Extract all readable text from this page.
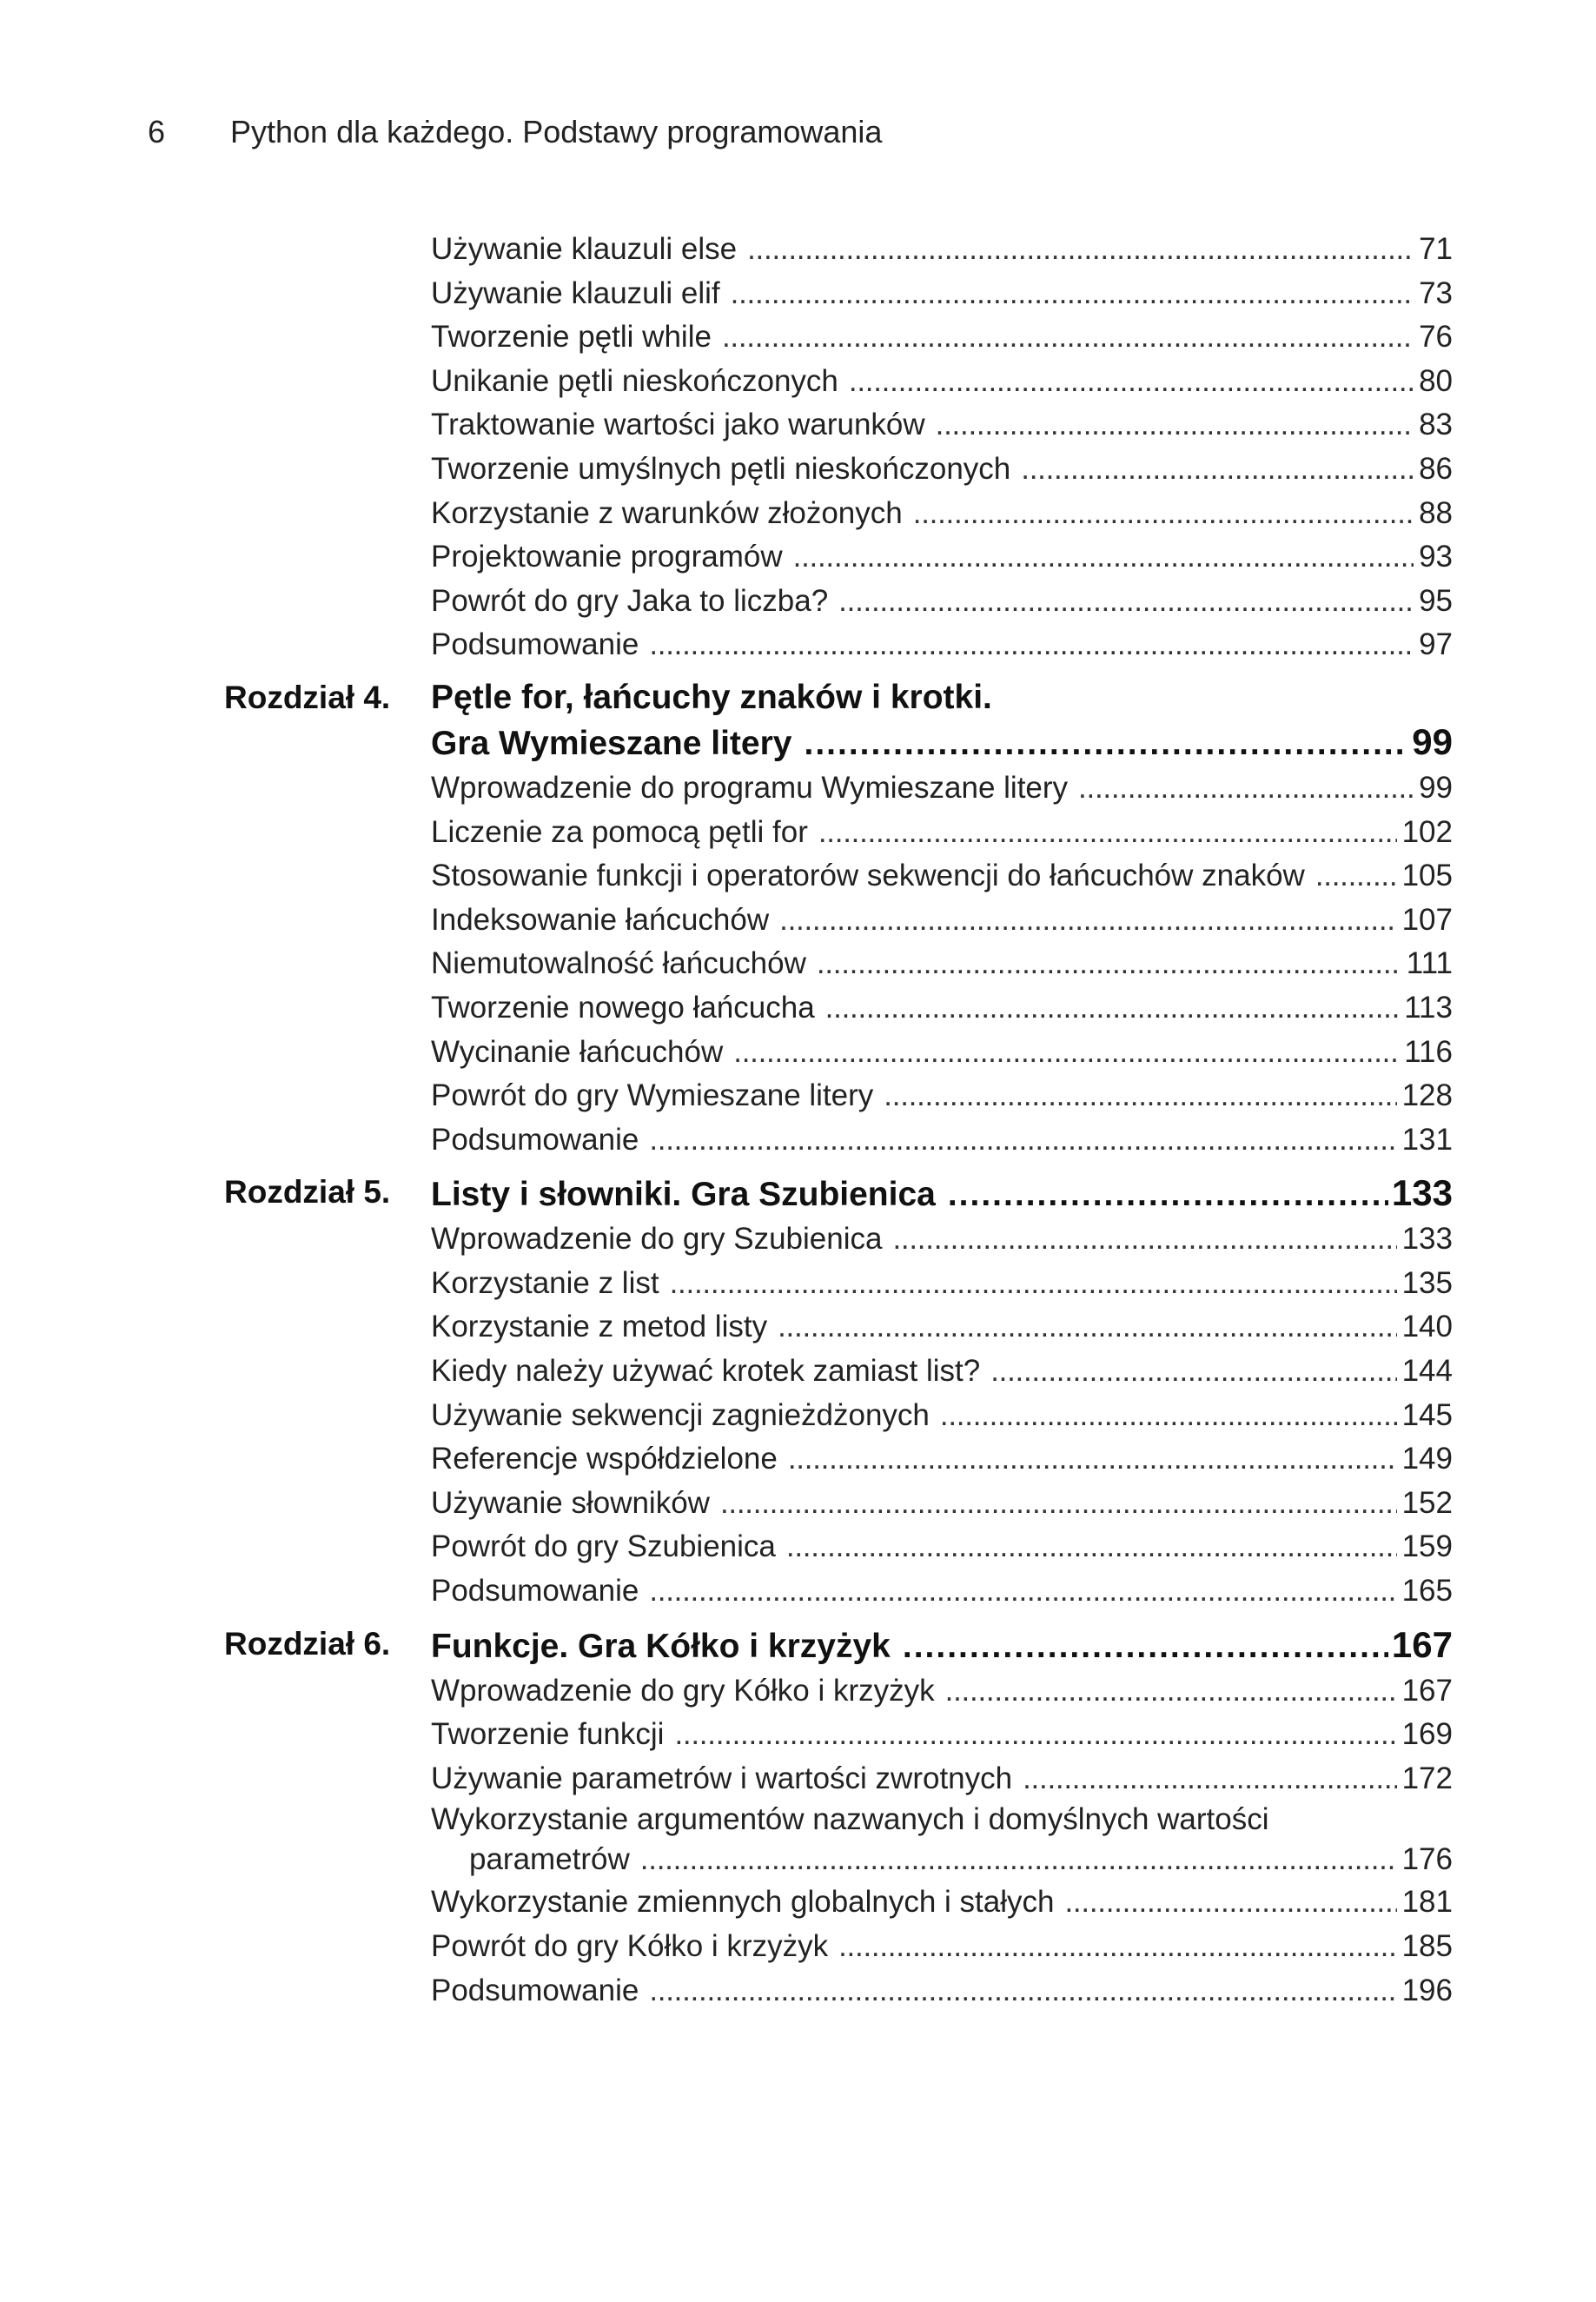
6 Python dla każdego. Podstawy programowania
Używanie klauzuli else . . .	71
Używanie klauzuli elif . . .	73
Tworzenie pętli while . . .	76
Unikanie pętli nieskończonych . . .	80
Traktowanie wartości jako warunków . . .	83
Tworzenie umyślnych pętli nieskończonych . . .	86
Korzystanie z warunków złożonych . . .	88
Projektowanie programów . . .	93
Powrót do gry Jaka to liczba? . . .	95
Podsumowanie . . .	97
Rozdział 4. Pętle for, łańcuchy znaków i krotki.
Gra Wymieszane litery .....	99
Wprowadzenie do programu Wymieszane litery . . .	99
Liczenie za pomocą pętli for . . .	102
Stosowanie funkcji i operatorów sekwencji do łańcuchów znaków . . .	105
Indeksowanie łańcuchów . . .	107
Niemutowalność łańcuchów . . .	111
Tworzenie nowego łańcucha . . .	113
Wycinanie łańcuchów . . .	116
Powrót do gry Wymieszane litery . . .	128
Podsumowanie . . .	131
Rozdział 5. Listy i słowniki. Gra Szubienica .....	133
Wprowadzenie do gry Szubienica . . .	133
Korzystanie z list . . .	135
Korzystanie z metod listy . . .	140
Kiedy należy używać krotek zamiast list? . . .	144
Używanie sekwencji zagnieżdżonych . . .	145
Referencje współdzielone . . .	149
Używanie słowników . . .	152
Powrót do gry Szubienica . . .	159
Podsumowanie . . .	165
Rozdział 6. Funkcje. Gra Kółko i krzyżyk .....	167
Wprowadzenie do gry Kółko i krzyżyk . . .	167
Tworzenie funkcji . . .	169
Używanie parametrów i wartości zwrotnych . . .	172
Wykorzystanie argumentów nazwanych i domyślnych wartości
parametrów . . .	176
Wykorzystanie zmiennych globalnych i stałych . . .	181
Powrót do gry Kółko i krzyżyk . . .	185
Podsumowanie . . .	196
